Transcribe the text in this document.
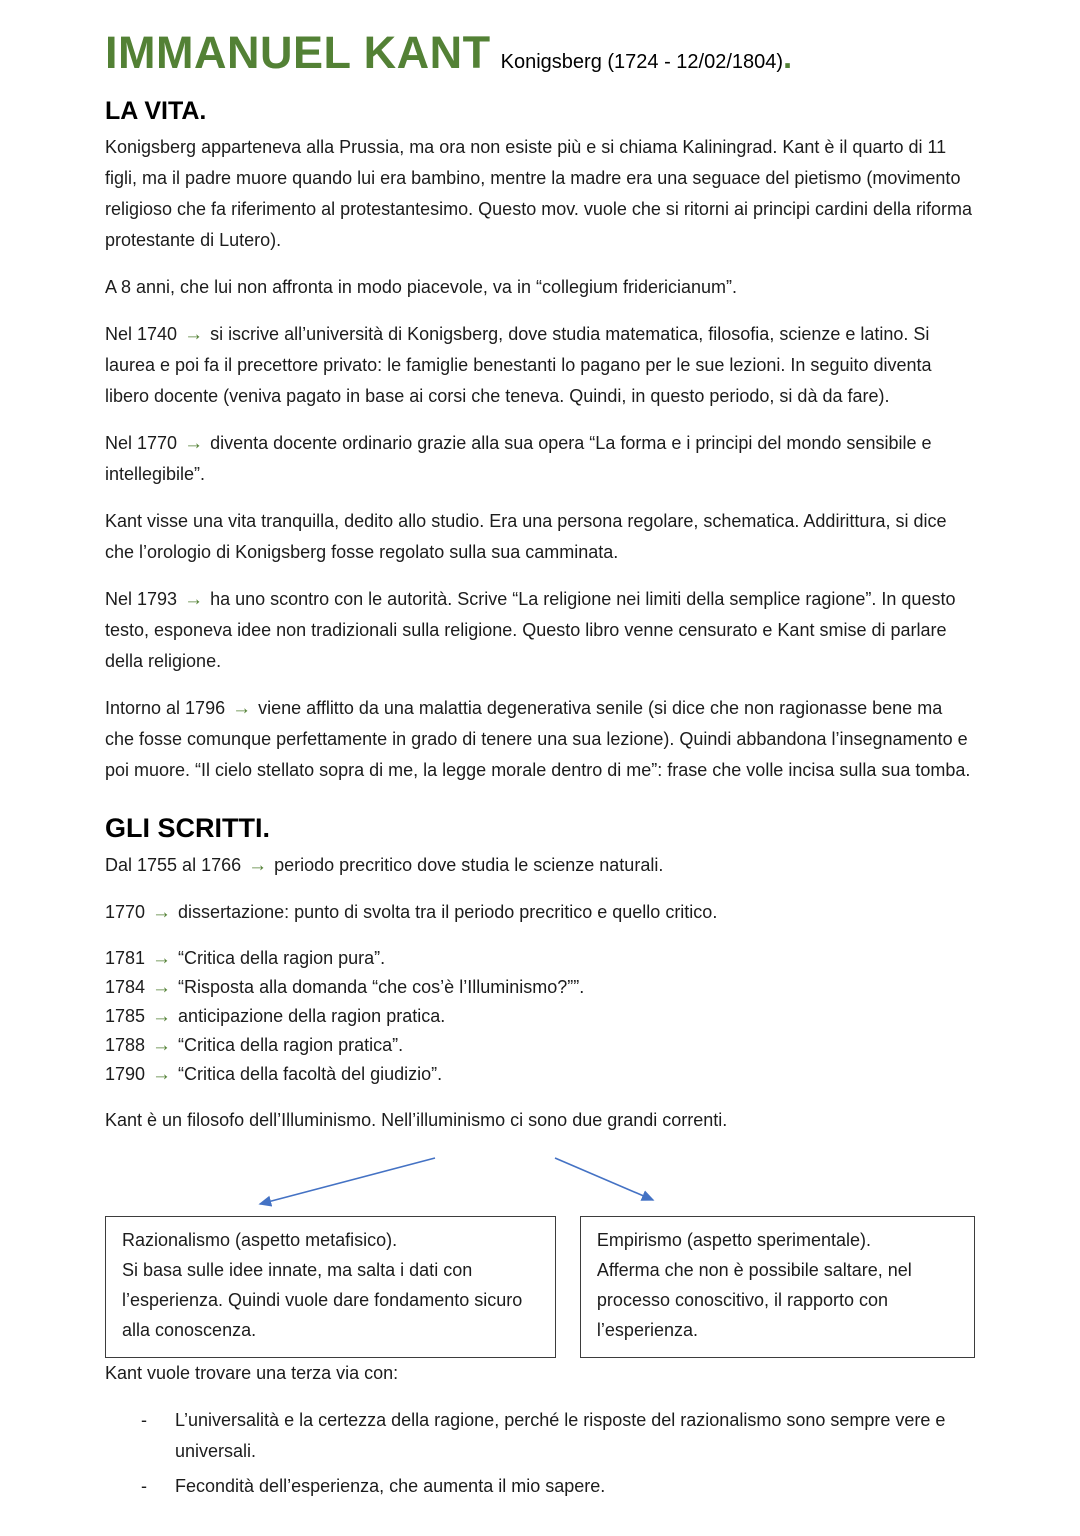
IMMANUEL KANT Konigsberg (1724 - 12/02/1804).
LA VITA.

Konigsberg apparteneva alla Prussia, ma ora non esiste più e si chiama Kaliningrad. Kant è il quarto di 11 figli, ma il padre muore quando lui era bambino, mentre la madre era una seguace del pietismo (movimento religioso che fa riferimento al protestantesimo. Questo mov. vuole che si ritorni ai principi cardini della riforma protestante di Lutero).

A 8 anni, che lui non affronta in modo piacevole, va in “collegium fridericianum”.

Nel 1740 → si iscrive all’università di Konigsberg, dove studia matematica, filosofia, scienze e latino. Si laurea e poi fa il precettore privato: le famiglie benestanti lo pagano per le sue lezioni. In seguito diventa libero docente (veniva pagato in base ai corsi che teneva. Quindi, in questo periodo, si dà da fare).

Nel 1770 → diventa docente ordinario grazie alla sua opera “La forma e i principi del mondo sensibile e intellegibile”.

Kant visse una vita tranquilla, dedito allo studio. Era una persona regolare, schematica. Addirittura, si dice che l’orologio di Konigsberg fosse regolato sulla sua camminata.

Nel 1793 → ha uno scontro con le autorità. Scrive “La religione nei limiti della semplice ragione”. In questo testo, esponeva idee non tradizionali sulla religione. Questo libro venne censurato e Kant smise di parlare della religione.

Intorno al 1796 → viene afflitto da una malattia degenerativa senile (si dice che non ragionasse bene ma che fosse comunque perfettamente in grado di tenere una sua lezione). Quindi abbandona l’insegnamento e poi muore. “Il cielo stellato sopra di me, la legge morale dentro di me”: frase che volle incisa sulla sua tomba.

GLI SCRITTI.

Dal 1755 al 1766 → periodo precritico dove studia le scienze naturali.

1770 → dissertazione: punto di svolta tra il periodo precritico e quello critico.

1781 → “Critica della ragion pura”.
1784 → “Risposta alla domanda “che cos’è l’Illuminismo?””.
1785 → anticipazione della ragion pratica.
1788 → “Critica della ragion pratica”.
1790 → “Critica della facoltà del giudizio”.

Kant è un filosofo dell’Illuminismo. Nell’illuminismo ci sono due grandi correnti.

Razionalismo (aspetto metafisico).
Si basa sulle idee innate, ma salta i dati con l’esperienza. Quindi vuole dare fondamento sicuro alla conoscenza.
Empirismo (aspetto sperimentale).
Afferma che non è possibile saltare, nel processo conoscitivo, il rapporto con l’esperienza.

Kant vuole trovare una terza via con:

-	L’universalità e la certezza della ragione, perché le risposte del razionalismo sono sempre vere e universali.
-	Fecondità dell’esperienza, che aumenta il mio sapere.
